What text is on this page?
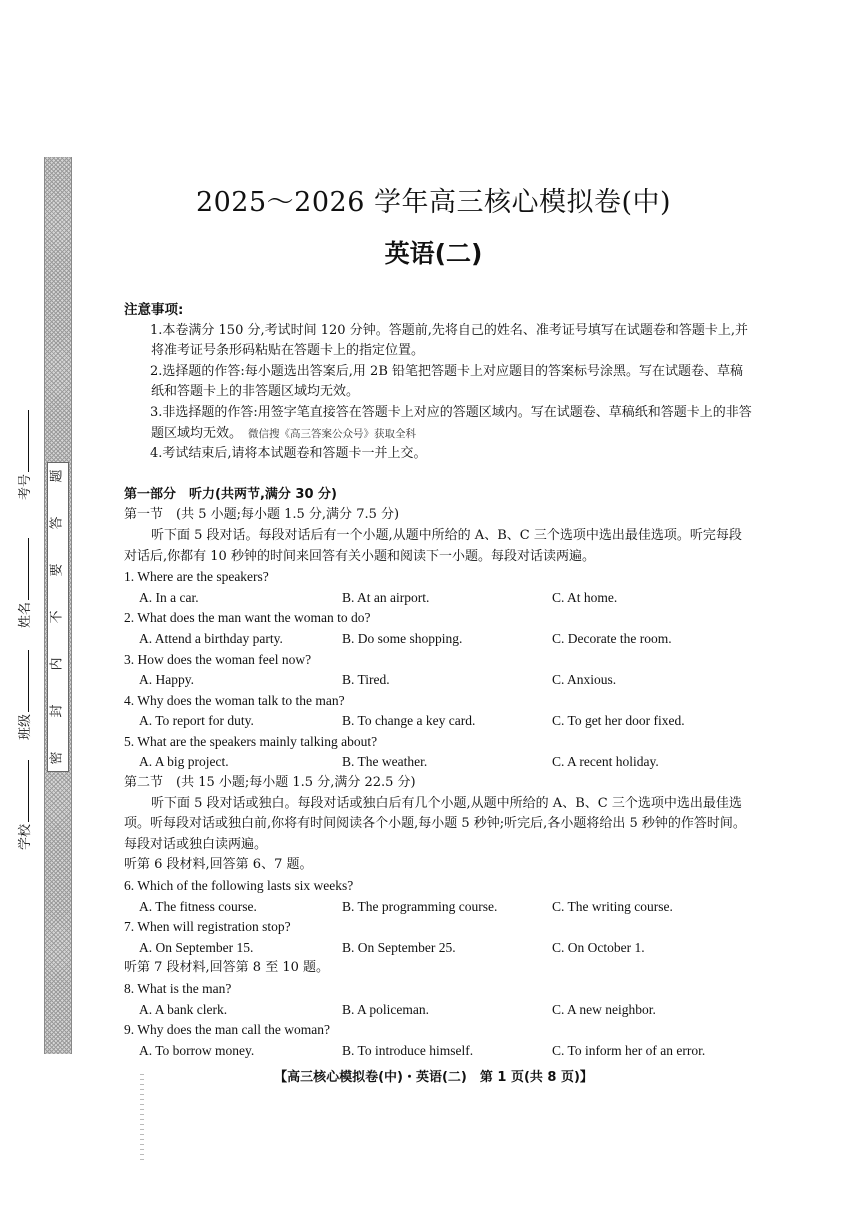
题
答
要
不
内
封
密
考号
姓名
班级
学校
2025～2026 学年高三核心模拟卷(中)
英语(二)
注意事项:
1.本卷满分 150 分,考试时间 120 分钟。答题前,先将自己的姓名、准考证号填写在试题卷和答题卡上,并将准考证号条形码粘贴在答题卡上的指定位置。
2.选择题的作答:每小题选出答案后,用 2B 铅笔把答题卡上对应题目的答案标号涂黑。写在试题卷、草稿纸和答题卡上的非答题区域均无效。
3.非选择题的作答:用签字笔直接答在答题卡上对应的答题区域内。写在试题卷、草稿纸和答题卡上的非答题区域均无效。 微信搜《高三答案公众号》获取全科
4.考试结束后,请将本试题卷和答题卡一并上交。
第一部分　听力(共两节,满分 30 分)
第一节　(共 5 小题;每小题 1.5 分,满分 7.5 分)
听下面 5 段对话。每段对话后有一个小题,从题中所给的 A、B、C 三个选项中选出最佳选项。听完每段对话后,你都有 10 秒钟的时间来回答有关小题和阅读下一小题。每段对话读两遍。
1. Where are the speakers?
A. In a car.	B. At an airport.	C. At home.
2. What does the man want the woman to do?
A. Attend a birthday party.	B. Do some shopping.	C. Decorate the room.
3. How does the woman feel now?
A. Happy.	B. Tired.	C. Anxious.
4. Why does the woman talk to the man?
A. To report for duty.	B. To change a key card.	C. To get her door fixed.
5. What are the speakers mainly talking about?
A. A big project.	B. The weather.	C. A recent holiday.
第二节　(共 15 小题;每小题 1.5 分,满分 22.5 分)
听下面 5 段对话或独白。每段对话或独白后有几个小题,从题中所给的 A、B、C 三个选项中选出最佳选项。听每段对话或独白前,你将有时间阅读各个小题,每小题 5 秒钟;听完后,各小题将给出 5 秒钟的作答时间。每段对话或独白读两遍。
听第 6 段材料,回答第 6、7 题。
6. Which of the following lasts six weeks?
A. The fitness course.	B. The programming course.	C. The writing course.
7. When will registration stop?
A. On September 15.	B. On September 25.	C. On October 1.
听第 7 段材料,回答第 8 至 10 题。
8. What is the man?
A. A bank clerk.	B. A policeman.	C. A new neighbor.
9. Why does the man call the woman?
A. To borrow money.	B. To introduce himself.	C. To inform her of an error.
【高三核心模拟卷(中)・英语(二)　第 1 页(共 8 页)】
